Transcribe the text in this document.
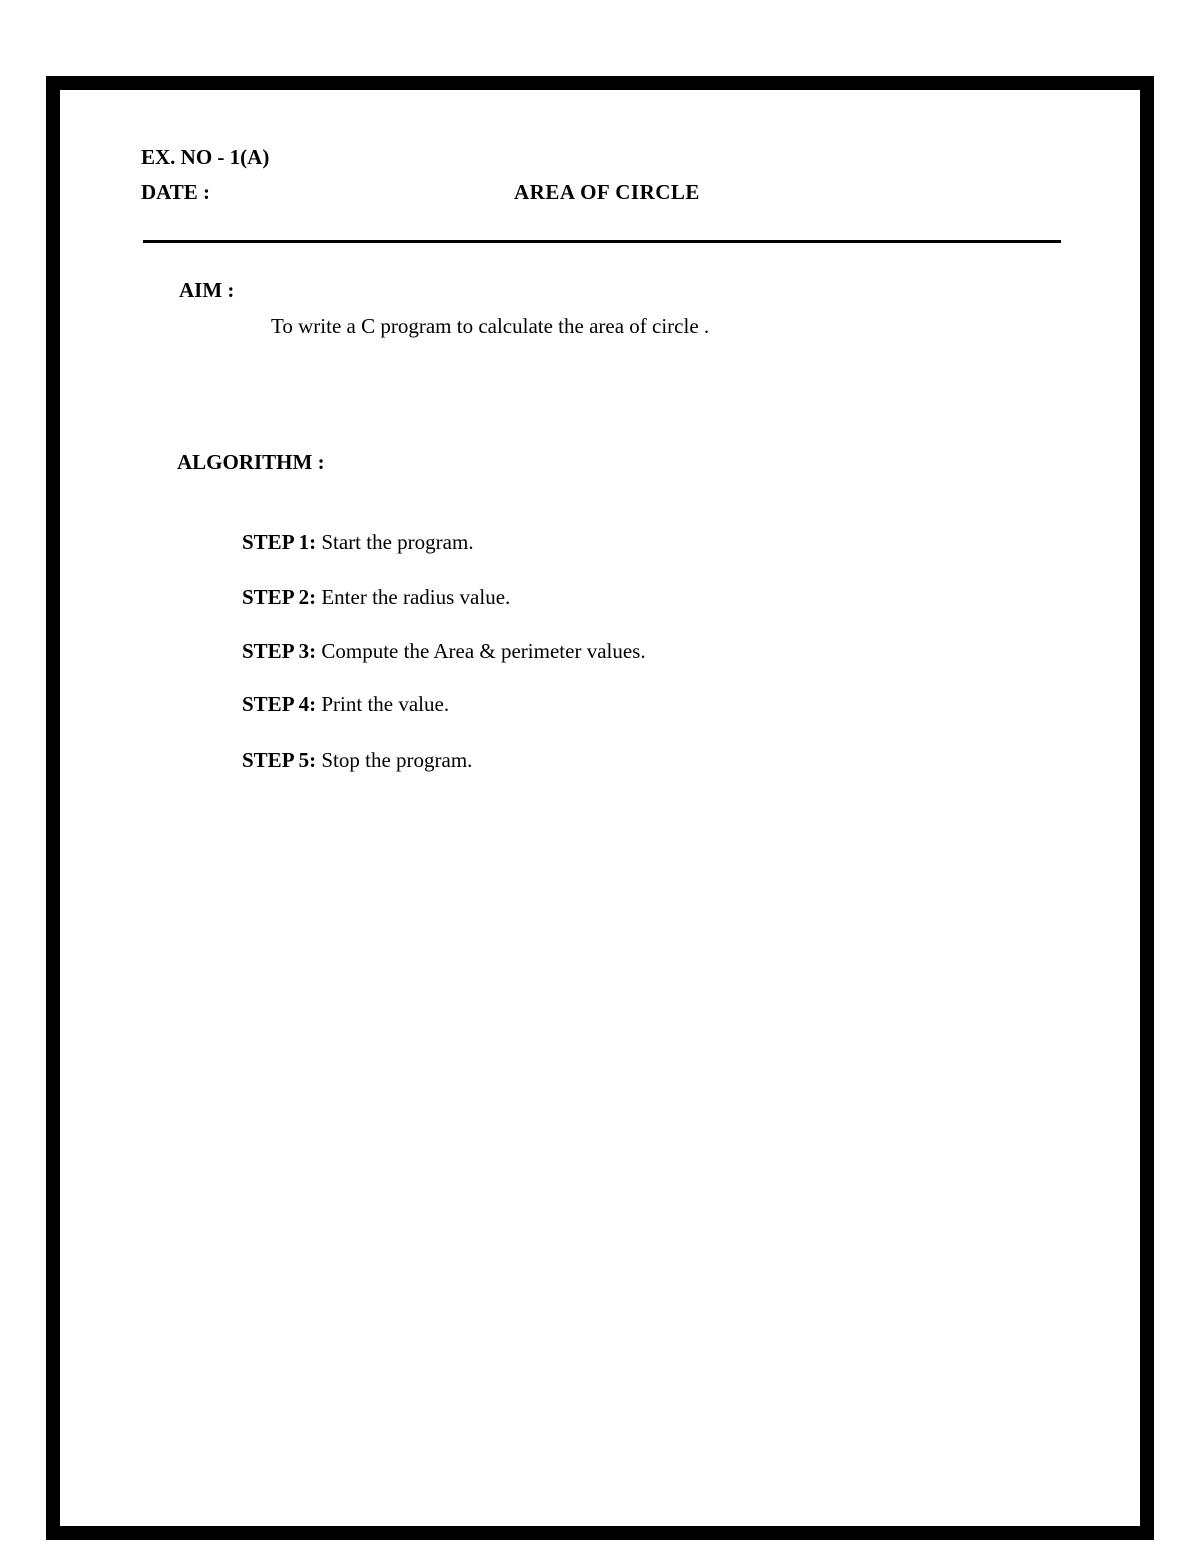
EX. NO - 1(A)
DATE :	AREA OF CIRCLE
AIM :
To write a C program to calculate the area of circle .
ALGORITHM :
STEP 1: Start the program.
STEP 2: Enter the radius value.
STEP 3: Compute the Area & perimeter values.
STEP 4: Print the value.
STEP 5: Stop the program.
